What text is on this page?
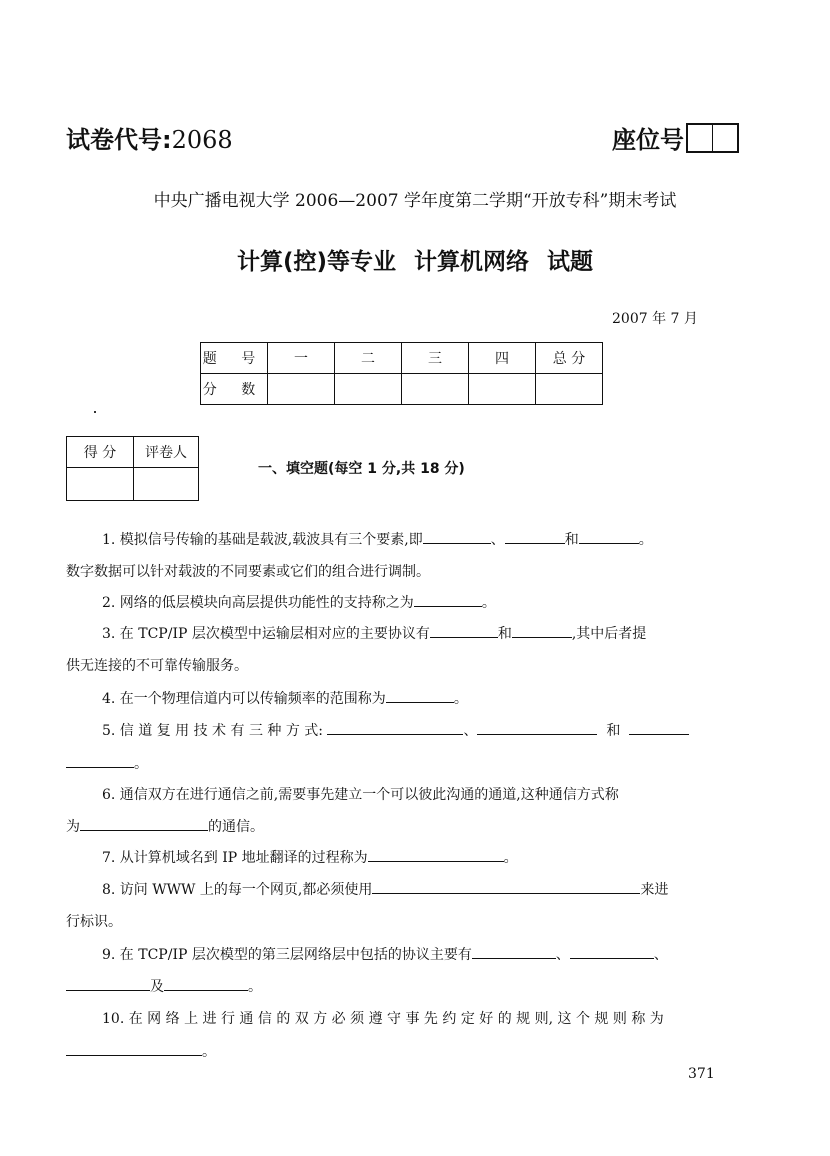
试卷代号:2068	座位号
中央广播电视大学 2006—2007 学年度第二学期“开放专科”期末考试
计算(控)等专业 计算机网络 试题
2007 年 7 月
题 号	一	二	三	四	总 分
分 数					
得 分	评卷人

一、填空题(每空 1 分,共 18 分)
1. 模拟信号传输的基础是载波,载波具有三个要素,即	、	和	。
数字数据可以针对载波的不同要素或它们的组合进行调制。
2. 网络的低层模块向高层提供功能性的支持称之为	。
3. 在 TCP/IP 层次模型中运输层相对应的主要协议有	和	,其中后者提
供无连接的不可靠传输服务。
4. 在一个物理信道内可以传输频率的范围称为	。
5. 信 道 复 用 技 术 有 三 种 方 式:	、	和
。
6. 通信双方在进行通信之前,需要事先建立一个可以彼此沟通的通道,这种通信方式称
为	的通信。
7. 从计算机域名到 IP 地址翻译的过程称为	。
8. 访问 WWW 上的每一个网页,都必须使用	来进
行标识。
9. 在 TCP/IP 层次模型的第三层网络层中包括的协议主要有	、	、
及	。
10. 在 网 络 上 进 行 通 信 的 双 方 必 须 遵 守 事 先 约 定 好 的 规 则, 这 个 规 则 称 为
。
371
